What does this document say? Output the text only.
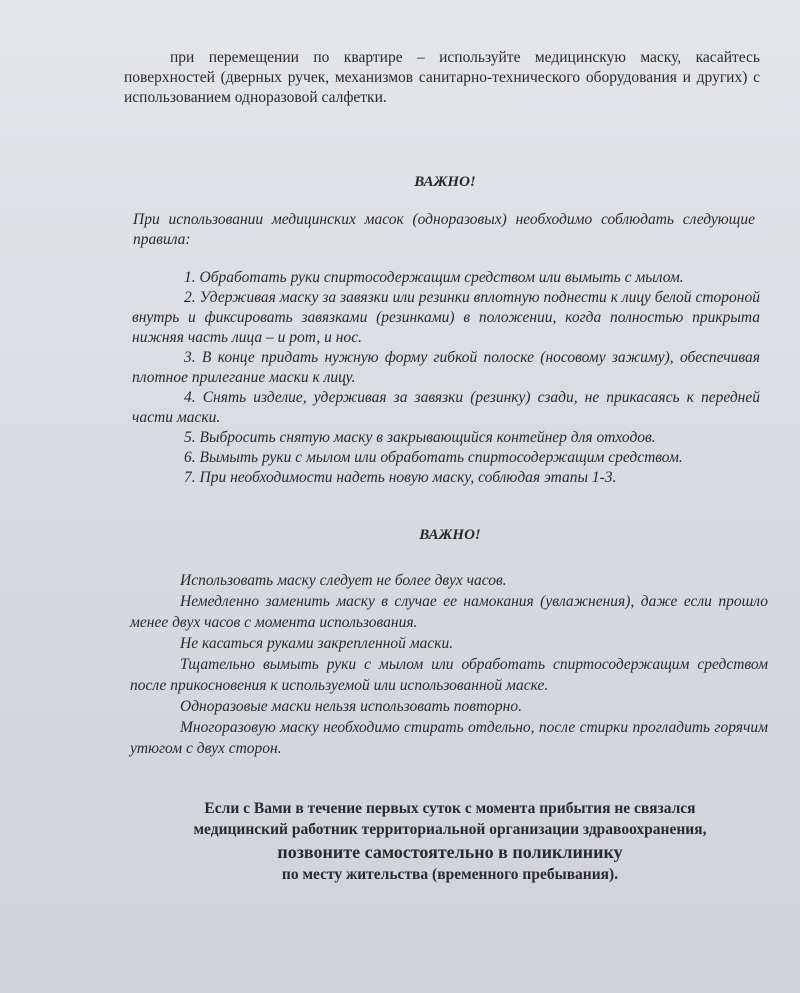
при перемещении по квартире – используйте медицинскую маску, касайтесь поверхностей (дверных ручек, механизмов санитарно-технического оборудования и других) с использованием одноразовой салфетки.

ВАЖНО!

При использовании медицинских масок (одноразовых) необходимо соблюдать следующие правила:

1. Обработать руки спиртосодержащим средством или вымыть с мылом.
2. Удерживая маску за завязки или резинки вплотную поднести к лицу белой стороной внутрь и фиксировать завязками (резинками) в положении, когда полностью прикрыта нижняя часть лица – и рот, и нос.
3. В конце придать нужную форму гибкой полоске (носовому зажиму), обеспечивая плотное прилегание маски к лицу.
4. Снять изделие, удерживая за завязки (резинку) сзади, не прикасаясь к передней части маски.
5. Выбросить снятую маску в закрывающийся контейнер для отходов.
6. Вымыть руки с мылом или обработать спиртосодержащим средством.
7. При необходимости надеть новую маску, соблюдая этапы 1-3.

ВАЖНО!

Использовать маску следует не более двух часов.
Немедленно заменить маску в случае ее намокания (увлажнения), даже если прошло менее двух часов с момента использования.
Не касаться руками закрепленной маски.
Тщательно вымыть руки с мылом или обработать спиртосодержащим средством после прикосновения к используемой или использованной маске.
Одноразовые маски нельзя использовать повторно.
Многоразовую маску необходимо стирать отдельно, после стирки прогладить горячим утюгом с двух сторон.
Если с Вами в течение первых суток с момента прибытия не связался
медицинский работник территориальной организации здравоохранения,
позвоните самостоятельно в поликлинику
по месту жительства (временного пребывания).
